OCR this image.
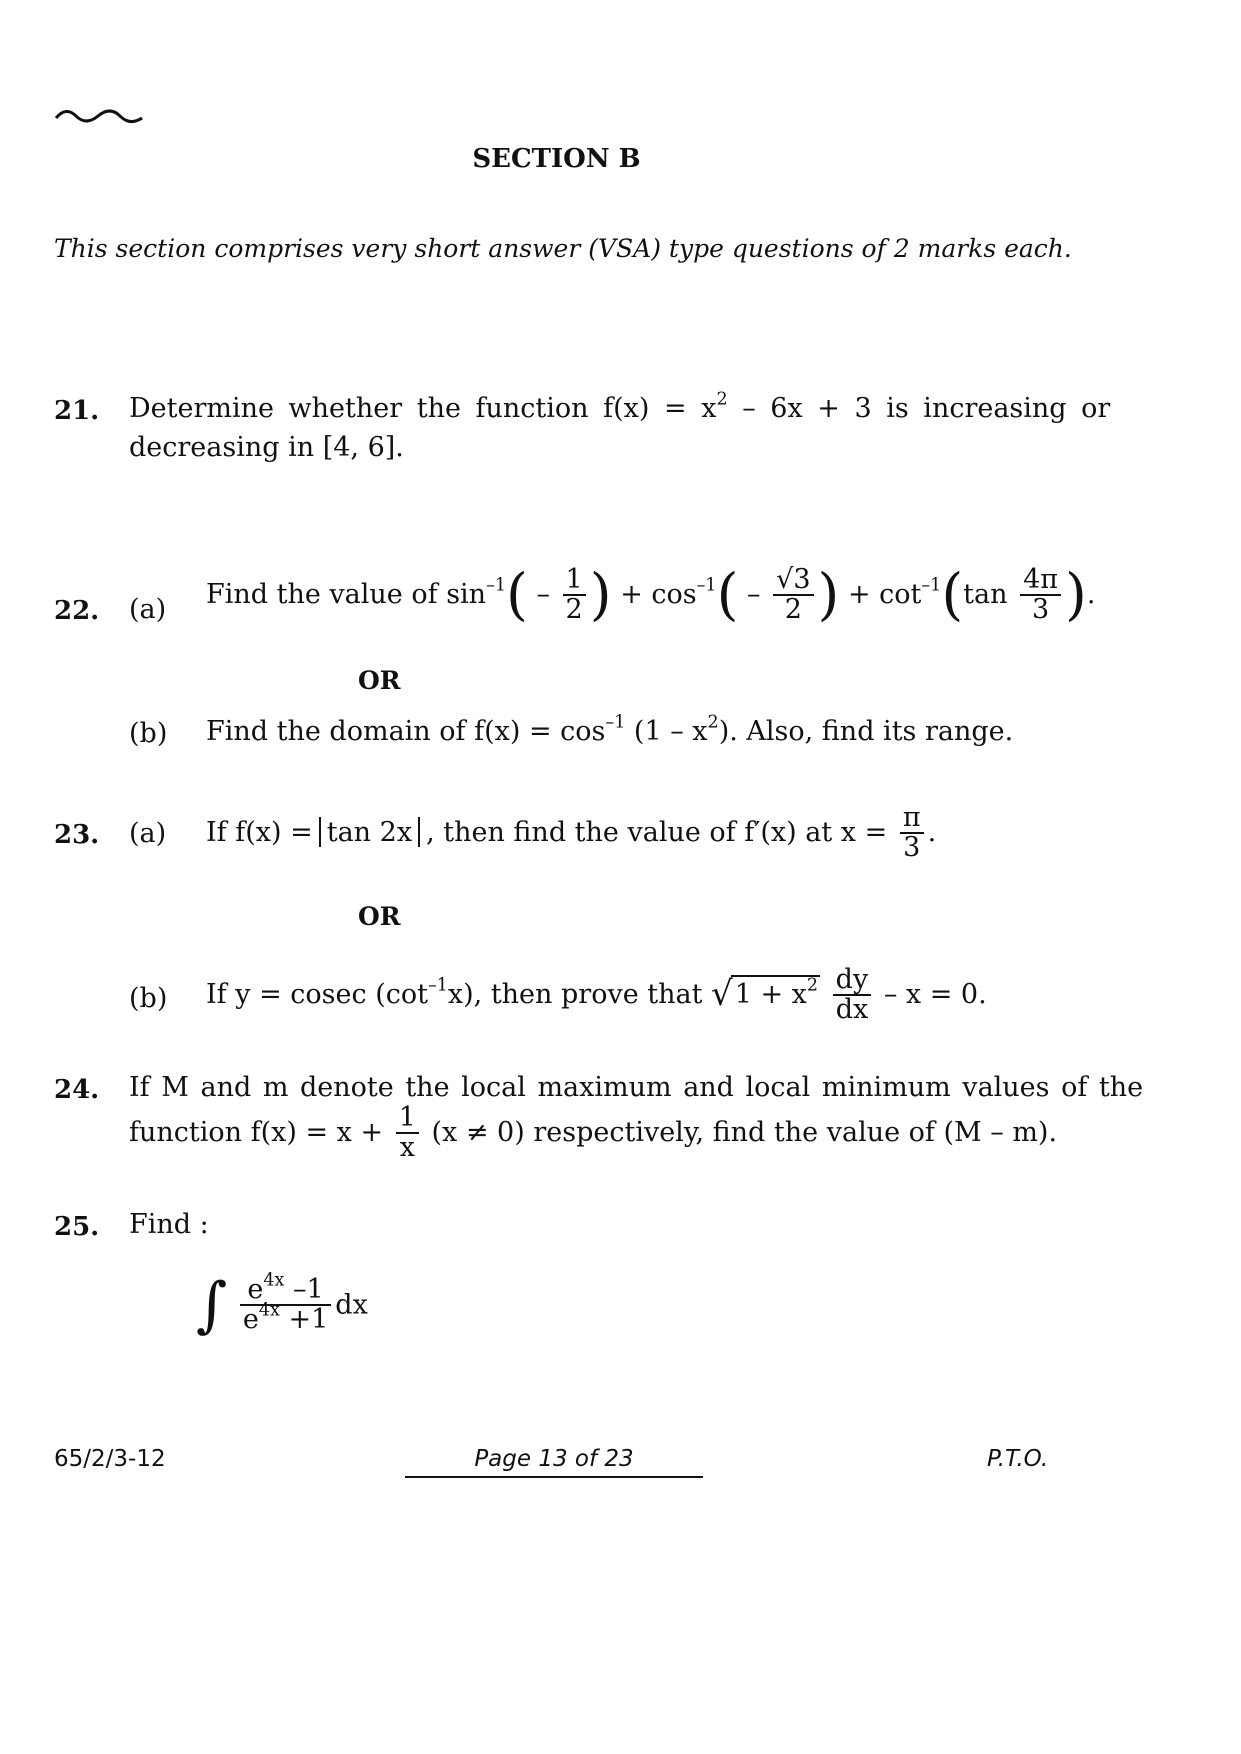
SECTION B
This section comprises very short answer (VSA) type questions of 2 marks each.
21. Determine whether the function $f(x) = x^2 - 6x + 3$ is increasing or
decreasing in [4, 6].
22. (a) Find the value of $\sin^{-1}( - \frac{1}{2}$ ) + $\cos^{-1}( - \frac{√3}{2}$ ) + $\cot^{-1}(\tan \frac{4\pi}{3}$ ).
OR
(b) Find the domain of $f(x) = \cos^{-1} (1 - x^2)$. Also, find its range.
23. (a) If f(x) = tan 2x , then find the value of f′(x) at $x = \frac{\pi}{3}$ .
OR
(b) If y = cosec $(\cot^{-1}x)$, then prove that $√1 + x^2 \frac{dy}{dx} - x = 0$.
24. If M and m denote the local maximum and local minimum values of the
function $f(x) = x + \frac{1}{x} (x \ne 0)$ respectively, find the value of (M – m).
25. Find :
∫ $\frac{e^{4x} -1}{e^{4x} +1}$ dx
65/2/3-12	Page 13 of 23	P.T.O.
